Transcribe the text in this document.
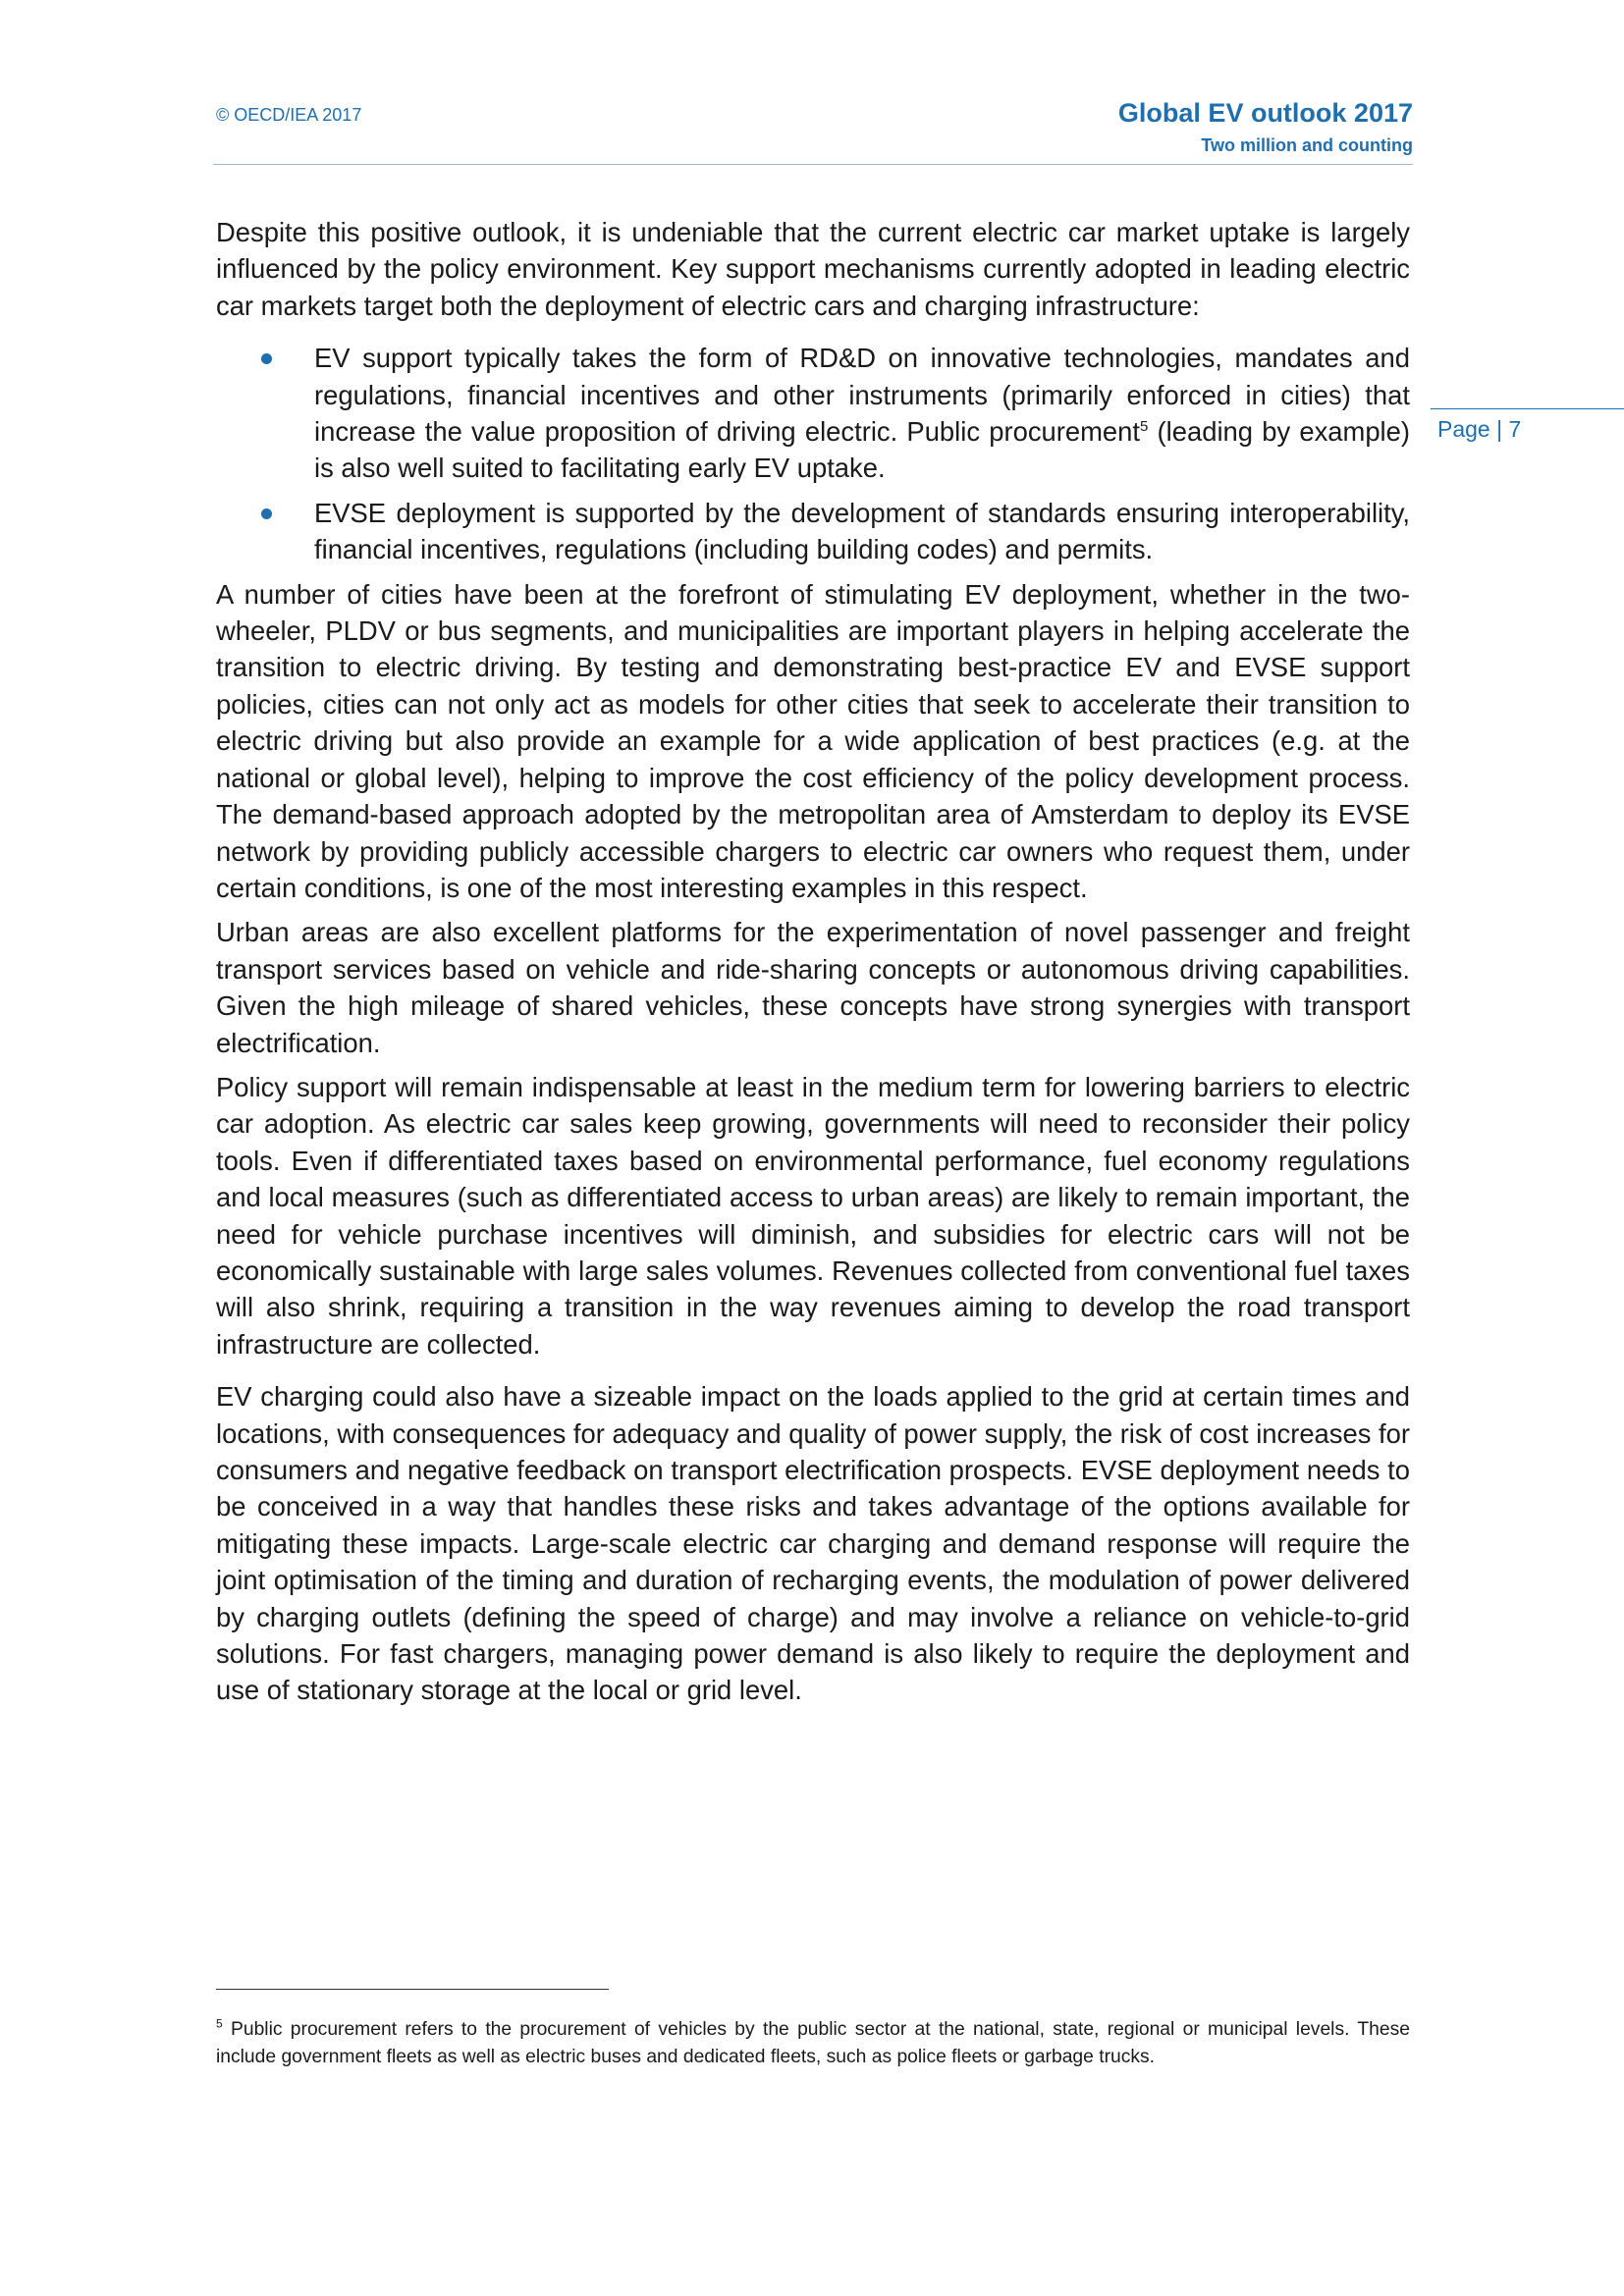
© OECD/IEA 2017	Global EV outlook 2017
Two million and counting
Page | 7

Despite this positive outlook, it is undeniable that the current electric car market uptake is largely influenced by the policy environment. Key support mechanisms currently adopted in leading electric car markets target both the deployment of electric cars and charging infrastructure:

EV support typically takes the form of RD&D on innovative technologies, mandates and regulations, financial incentives and other instruments (primarily enforced in cities) that increase the value proposition of driving electric. Public procurement$^5$ (leading by example) is also well suited to facilitating early EV uptake.
EVSE deployment is supported by the development of standards ensuring interoperability, financial incentives, regulations (including building codes) and permits.

A number of cities have been at the forefront of stimulating EV deployment, whether in the two-wheeler, PLDV or bus segments, and municipalities are important players in helping accelerate the transition to electric driving. By testing and demonstrating best-practice EV and EVSE support policies, cities can not only act as models for other cities that seek to accelerate their transition to electric driving but also provide an example for a wide application of best practices (e.g. at the national or global level), helping to improve the cost efficiency of the policy development process. The demand-based approach adopted by the metropolitan area of Amsterdam to deploy its EVSE network by providing publicly accessible chargers to electric car owners who request them, under certain conditions, is one of the most interesting examples in this respect.

Urban areas are also excellent platforms for the experimentation of novel passenger and freight transport services based on vehicle and ride-sharing concepts or autonomous driving capabilities. Given the high mileage of shared vehicles, these concepts have strong synergies with transport electrification.

Policy support will remain indispensable at least in the medium term for lowering barriers to electric car adoption. As electric car sales keep growing, governments will need to reconsider their policy tools. Even if differentiated taxes based on environmental performance, fuel economy regulations and local measures (such as differentiated access to urban areas) are likely to remain important, the need for vehicle purchase incentives will diminish, and subsidies for electric cars will not be economically sustainable with large sales volumes. Revenues collected from conventional fuel taxes will also shrink, requiring a transition in the way revenues aiming to develop the road transport infrastructure are collected.

EV charging could also have a sizeable impact on the loads applied to the grid at certain times and locations, with consequences for adequacy and quality of power supply, the risk of cost increases for consumers and negative feedback on transport electrification prospects. EVSE deployment needs to be conceived in a way that handles these risks and takes advantage of the options available for mitigating these impacts. Large-scale electric car charging and demand response will require the joint optimisation of the timing and duration of recharging events, the modulation of power delivered by charging outlets (defining the speed of charge) and may involve a reliance on vehicle-to-grid solutions. For fast chargers, managing power demand is also likely to require the deployment and use of stationary storage at the local or grid level.

$^5$ Public procurement refers to the procurement of vehicles by the public sector at the national, state, regional or municipal levels. These include government fleets as well as electric buses and dedicated fleets, such as police fleets or garbage trucks.
